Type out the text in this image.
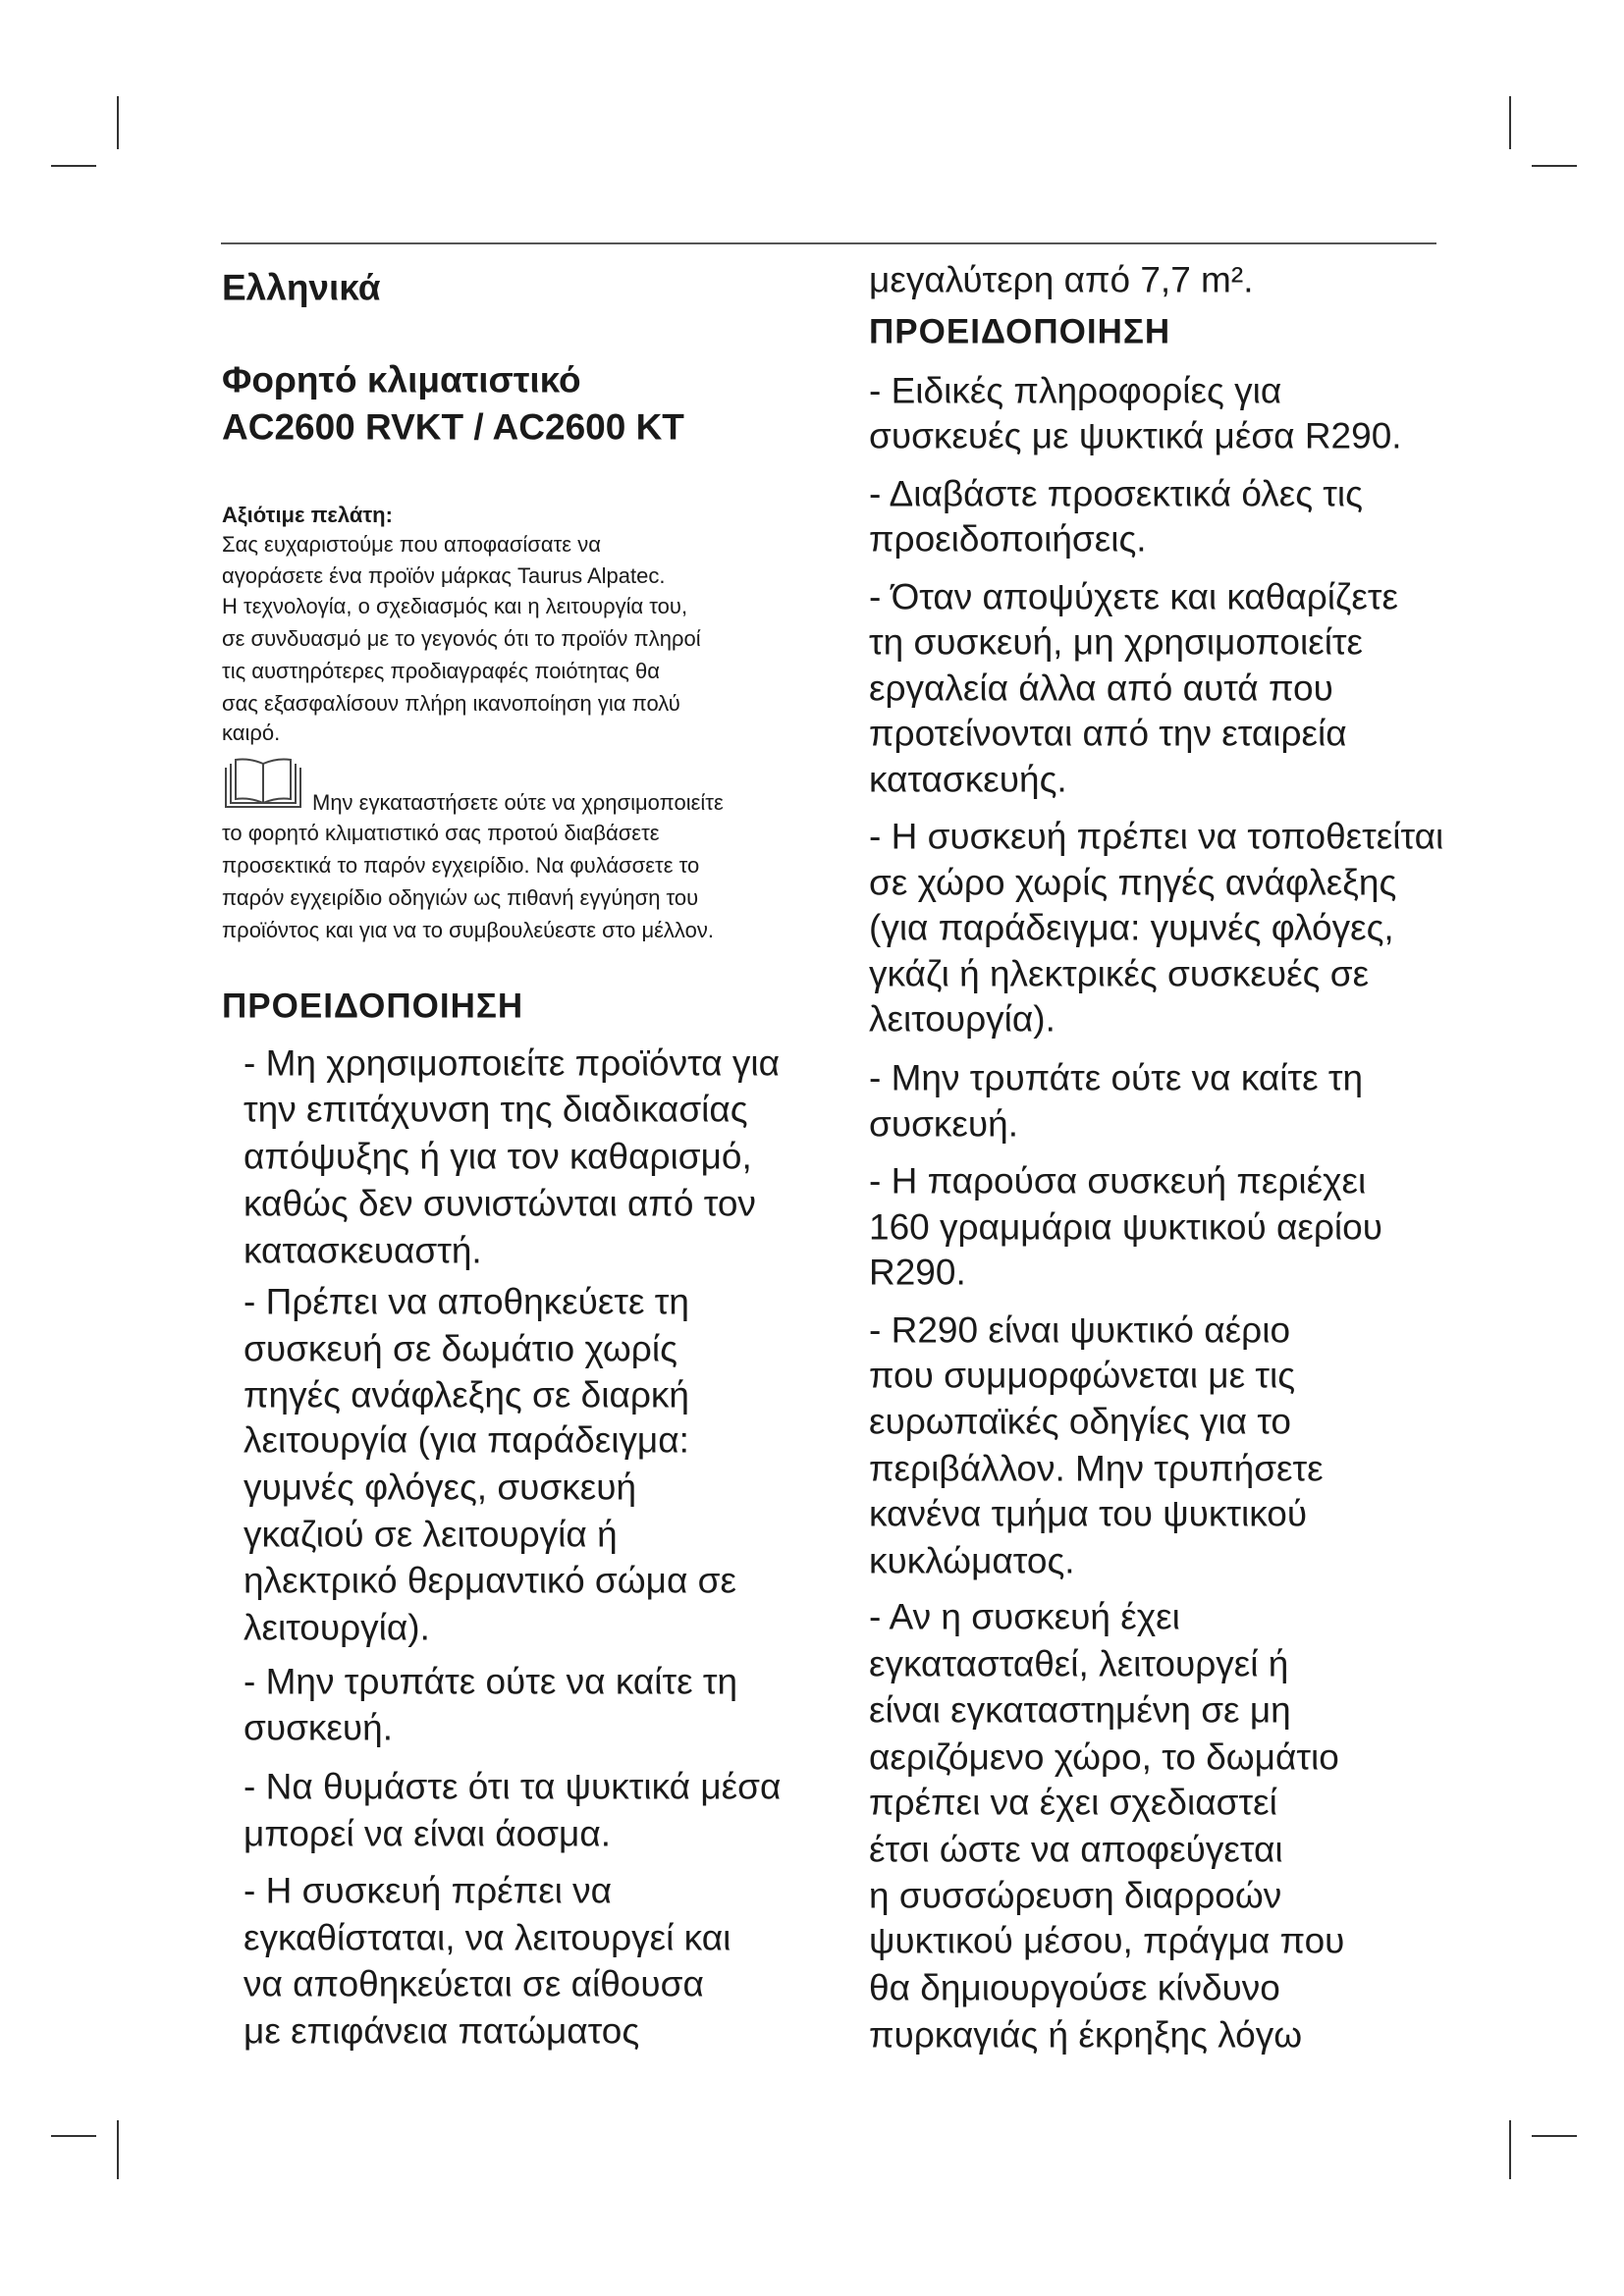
Ελληνικά
Φορητό κλιματιστικό
AC2600 RVKT / AC2600 KT
Αξιότιμε πελάτη:
Σας ευχαριστούμε που αποφασίσατε να
αγοράσετε ένα προϊόν μάρκας Taurus Alpatec.
Η τεχνολογία, ο σχεδιασμός και η λειτουργία του,
σε συνδυασμό με το γεγονός ότι το προϊόν πληροί
τις αυστηρότερες προδιαγραφές ποιότητας θα
σας εξασφαλίσουν πλήρη ικανοποίηση για πολύ
καιρό.
Μην εγκαταστήσετε ούτε να χρησιμοποιείτε
το φορητό κλιματιστικό σας προτού διαβάσετε
προσεκτικά το παρόν εγχειρίδιο. Να φυλάσσετε το
παρόν εγχειρίδιο οδηγιών ως πιθανή εγγύηση του
προϊόντος και για να το συμβουλεύεστε στο μέλλον.
ΠΡΟΕΙΔΟΠΟΙΗΣΗ
- Μη χρησιμοποιείτε προϊόντα για
την επιτάχυνση της διαδικασίας
απόψυξης ή για τον καθαρισμό,
καθώς δεν συνιστώνται από τον
κατασκευαστή.
- Πρέπει να αποθηκεύετε τη
συσκευή σε δωμάτιο χωρίς
πηγές ανάφλεξης σε διαρκή
λειτουργία (για παράδειγμα:
γυμνές φλόγες, συσκευή
γκαζιού σε λειτουργία ή
ηλεκτρικό θερμαντικό σώμα σε
λειτουργία).
- Μην τρυπάτε ούτε να καίτε τη
συσκευή.
- Να θυμάστε ότι τα ψυκτικά μέσα
μπορεί να είναι άοσμα.
- Η συσκευή πρέπει να
εγκαθίσταται, να λειτουργεί και
να αποθηκεύεται σε αίθουσα
με επιφάνεια πατώματος
μεγαλύτερη από 7,7 m².
ΠΡΟΕΙΔΟΠΟΙΗΣΗ
- Ειδικές πληροφορίες για
συσκευές με ψυκτικά μέσα R290.
- Διαβάστε προσεκτικά όλες τις
προειδοποιήσεις.
- Όταν αποψύχετε και καθαρίζετε
τη συσκευή, μη χρησιμοποιείτε
εργαλεία άλλα από αυτά που
προτείνονται από την εταιρεία
κατασκευής.
- Η συσκευή πρέπει να τοποθετείται
σε χώρο χωρίς πηγές ανάφλεξης
(για παράδειγμα: γυμνές φλόγες,
γκάζι ή ηλεκτρικές συσκευές σε
λειτουργία).
- Μην τρυπάτε ούτε να καίτε τη
συσκευή.
- Η παρούσα συσκευή περιέχει
160 γραμμάρια ψυκτικού αερίου
R290.
- R290 είναι ψυκτικό αέριο
που συμμορφώνεται με τις
ευρωπαϊκές οδηγίες για το
περιβάλλον. Μην τρυπήσετε
κανένα τμήμα του ψυκτικού
κυκλώματος.
- Αν η συσκευή έχει
εγκατασταθεί, λειτουργεί ή
είναι εγκαταστημένη σε μη
αεριζόμενο χώρο, το δωμάτιο
πρέπει να έχει σχεδιαστεί
έτσι ώστε να αποφεύγεται
η συσσώρευση διαρροών
ψυκτικού μέσου, πράγμα που
θα δημιουργούσε κίνδυνο
πυρκαγιάς ή έκρηξης λόγω
